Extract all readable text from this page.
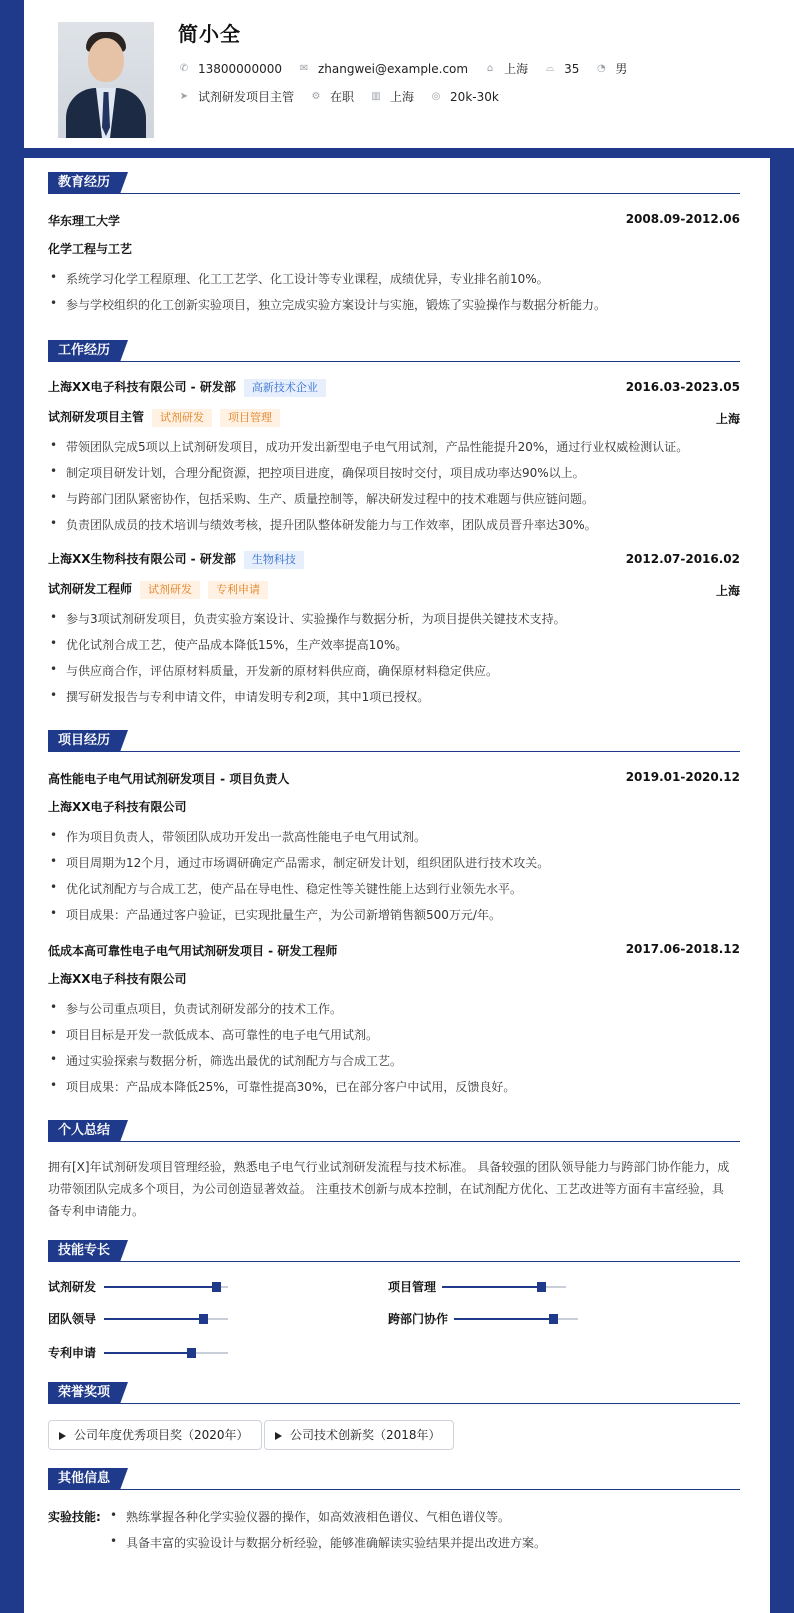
简小全
✆ 13800000000 ✉ zhangwei@example.com ⌂ 上海 ⌓ 35 ◔ 男
➤ 试剂研发项目主管 ⚙ 在职 ▥ 上海 ◎ 20k-30k
教育经历
华东理工大学	2008.09-2012.06
化学工程与工艺
• 系统学习化学工程原理、化工工艺学、化工设计等专业课程，成绩优异，专业排名前10%。
• 参与学校组织的化工创新实验项目，独立完成实验方案设计与实施，锻炼了实验操作与数据分析能力。
工作经历
上海XX电子科技有限公司 - 研发部 高新技术企业	2016.03-2023.05
试剂研发项目主管 试剂研发 项目管理	上海
• 带领团队完成5项以上试剂研发项目，成功开发出新型电子电气用试剂，产品性能提升20%，通过行业权威检测认证。
• 制定项目研发计划，合理分配资源，把控项目进度，确保项目按时交付，项目成功率达90%以上。
• 与跨部门团队紧密协作，包括采购、生产、质量控制等，解决研发过程中的技术难题与供应链问题。
• 负责团队成员的技术培训与绩效考核，提升团队整体研发能力与工作效率，团队成员晋升率达30%。
上海XX生物科技有限公司 - 研发部 生物科技	2012.07-2016.02
试剂研发工程师 试剂研发 专利申请	上海
• 参与3项试剂研发项目，负责实验方案设计、实验操作与数据分析，为项目提供关键技术支持。
• 优化试剂合成工艺，使产品成本降低15%，生产效率提高10%。
• 与供应商合作，评估原材料质量，开发新的原材料供应商，确保原材料稳定供应。
• 撰写研发报告与专利申请文件，申请发明专利2项，其中1项已授权。
项目经历
高性能电子电气用试剂研发项目 - 项目负责人	2019.01-2020.12
上海XX电子科技有限公司
• 作为项目负责人，带领团队成功开发出一款高性能电子电气用试剂。
• 项目周期为12个月，通过市场调研确定产品需求，制定研发计划，组织团队进行技术攻关。
• 优化试剂配方与合成工艺，使产品在导电性、稳定性等关键性能上达到行业领先水平。
• 项目成果：产品通过客户验证，已实现批量生产，为公司新增销售额500万元/年。
低成本高可靠性电子电气用试剂研发项目 - 研发工程师	2017.06-2018.12
上海XX电子科技有限公司
• 参与公司重点项目，负责试剂研发部分的技术工作。
• 项目目标是开发一款低成本、高可靠性的电子电气用试剂。
• 通过实验探索与数据分析，筛选出最优的试剂配方与合成工艺。
• 项目成果：产品成本降低25%，可靠性提高30%，已在部分客户中试用，反馈良好。
个人总结
拥有[X]年试剂研发项目管理经验，熟悉电子电气行业试剂研发流程与技术标准。 具备较强的团队领导能力与跨部门协作能力，成
功带领团队完成多个项目，为公司创造显著效益。 注重技术创新与成本控制，在试剂配方优化、工艺改进等方面有丰富经验，具
备专利申请能力。
技能专长
试剂研发	项目管理
团队领导	跨部门协作
专利申请
荣誉奖项
公司年度优秀项目奖（2020年）	公司技术创新奖（2018年）
其他信息
实验技能:
•	熟练掌握各种化学实验仪器的操作，如高效液相色谱仪、气相色谱仪等。
• 具备丰富的实验设计与数据分析经验，能够准确解读实验结果并提出改进方案。
